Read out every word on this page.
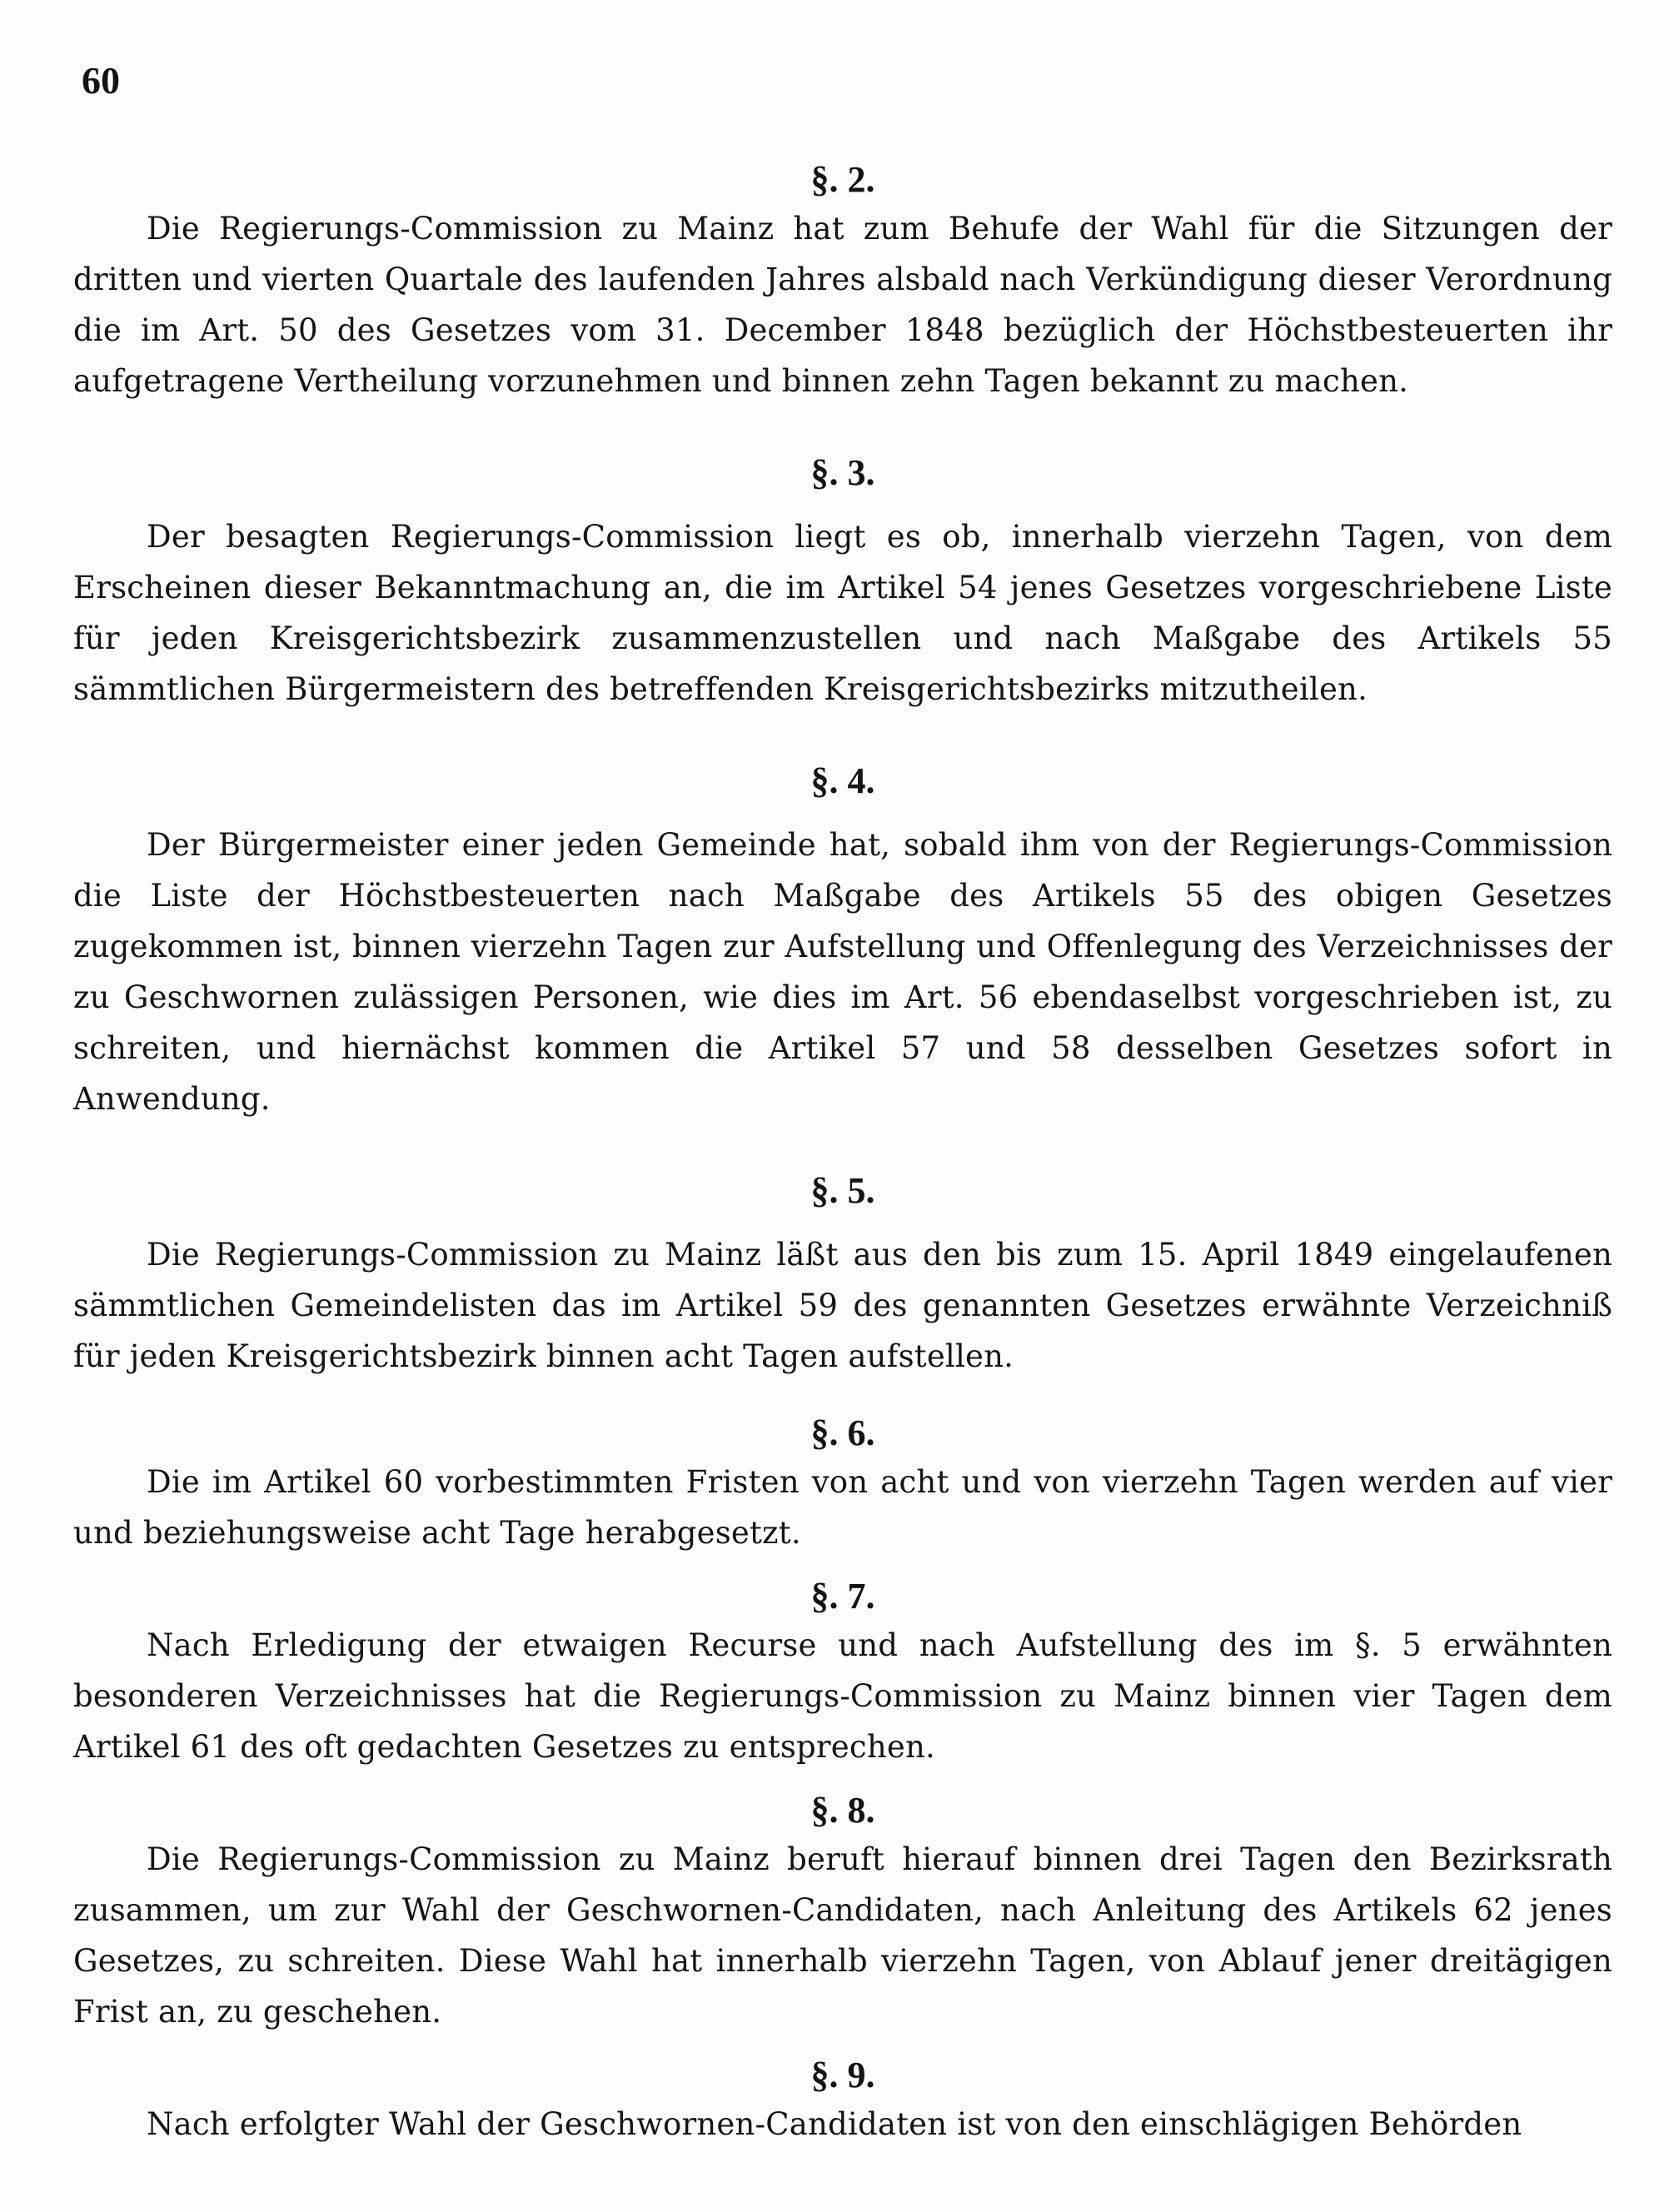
60
§. 2.

Die Regierungs-Commission zu Mainz hat zum Behufe der Wahl für die Sitzungen der dritten und vierten Quartale des laufenden Jahres alsbald nach Verkündigung dieser Verordnung die im Art. 50 des Gesetzes vom 31. December 1848 bezüglich der Höchstbesteuerten ihr aufgetragene Vertheilung vorzunehmen und binnen zehn Tagen bekannt zu machen.

§. 3.

Der besagten Regierungs-Commission liegt es ob, innerhalb vierzehn Tagen, von dem Erscheinen dieser Bekanntmachung an, die im Artikel 54 jenes Gesetzes vorgeschriebene Liste für jeden Kreisgerichtsbezirk zusammenzustellen und nach Maßgabe des Artikels 55 sämmtlichen Bürgermeistern des betreffenden Kreisgerichtsbezirks mitzutheilen.

§. 4.

Der Bürgermeister einer jeden Gemeinde hat, sobald ihm von der Regierungs-Commission die Liste der Höchstbesteuerten nach Maßgabe des Artikels 55 des obigen Gesetzes zugekommen ist, binnen vierzehn Tagen zur Aufstellung und Offenlegung des Verzeichnisses der zu Geschwornen zulässigen Personen, wie dies im Art. 56 ebendaselbst vorgeschrieben ist, zu schreiten, und hiernächst kommen die Artikel 57 und 58 desselben Gesetzes sofort in Anwendung.

§. 5.

Die Regierungs-Commission zu Mainz läßt aus den bis zum 15. April 1849 eingelaufenen sämmtlichen Gemeindelisten das im Artikel 59 des genannten Gesetzes erwähnte Verzeichniß für jeden Kreisgerichtsbezirk binnen acht Tagen aufstellen.

§. 6.

Die im Artikel 60 vorbestimmten Fristen von acht und von vierzehn Tagen werden auf vier und beziehungsweise acht Tage herabgesetzt.

§. 7.

Nach Erledigung der etwaigen Recurse und nach Aufstellung des im §. 5 erwähnten besonderen Verzeichnisses hat die Regierungs-Commission zu Mainz binnen vier Tagen dem Artikel 61 des oft gedachten Gesetzes zu entsprechen.

§. 8.

Die Regierungs-Commission zu Mainz beruft hierauf binnen drei Tagen den Bezirksrath zusammen, um zur Wahl der Geschwornen-Candidaten, nach Anleitung des Artikels 62 jenes Gesetzes, zu schreiten. Diese Wahl hat innerhalb vierzehn Tagen, von Ablauf jener dreitägigen Frist an, zu geschehen.

§. 9.

Nach erfolgter Wahl der Geschwornen-Candidaten ist von den einschlägigen Behörden
